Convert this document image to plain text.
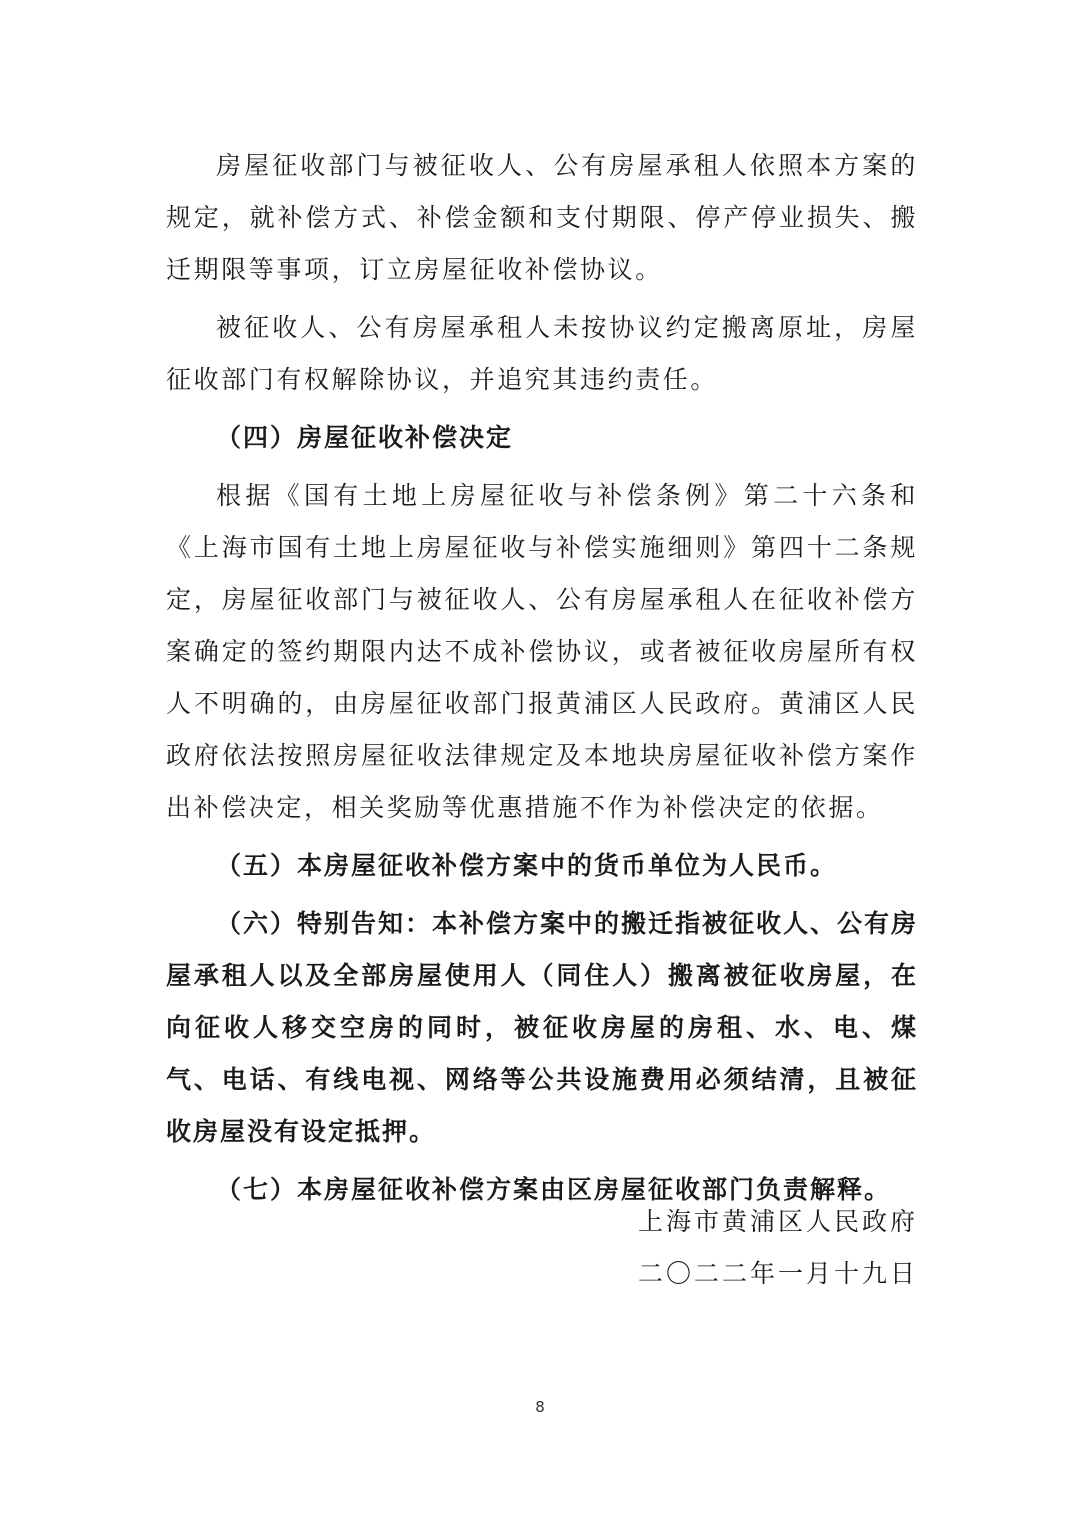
房屋征收部门与被征收人、公有房屋承租人依照本方案的规定，就补偿方式、补偿金额和支付期限、停产停业损失、搬迁期限等事项，订立房屋征收补偿协议。

被征收人、公有房屋承租人未按协议约定搬离原址，房屋征收部门有权解除协议，并追究其违约责任。

（四）房屋征收补偿决定

根据《国有土地上房屋征收与补偿条例》第二十六条和《上海市国有土地上房屋征收与补偿实施细则》第四十二条规定，房屋征收部门与被征收人、公有房屋承租人在征收补偿方案确定的签约期限内达不成补偿协议，或者被征收房屋所有权人不明确的，由房屋征收部门报黄浦区人民政府。黄浦区人民政府依法按照房屋征收法律规定及本地块房屋征收补偿方案作出补偿决定，相关奖励等优惠措施不作为补偿决定的依据。

（五）本房屋征收补偿方案中的货币单位为人民币。

（六）特别告知：本补偿方案中的搬迁指被征收人、公有房屋承租人以及全部房屋使用人（同住人）搬离被征收房屋，在向征收人移交空房的同时，被征收房屋的房租、水、电、煤气、电话、有线电视、网络等公共设施费用必须结清，且被征收房屋没有设定抵押。

（七）本房屋征收补偿方案由区房屋征收部门负责解释。

上海市黄浦区人民政府
二〇二二年一月十九日
8
